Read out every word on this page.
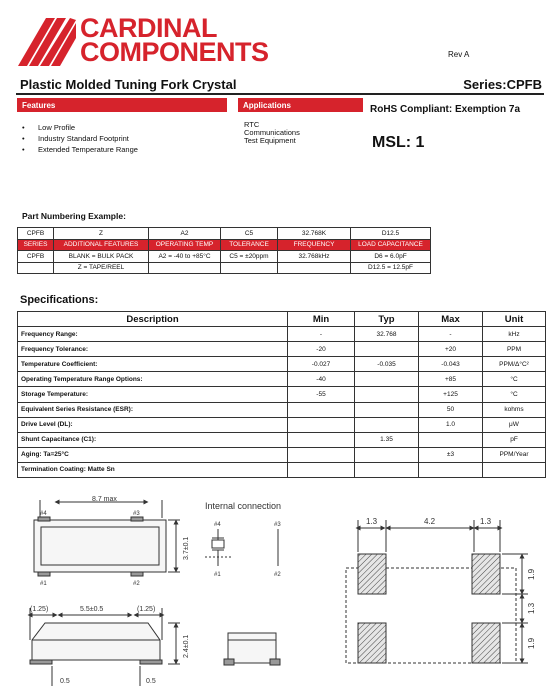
CARDINAL
COMPONENTS	Rev A
Plastic Molded Tuning Fork Crystal	Series:CPFB
Features	Applications	RoHS Compliant: Exemption 7a
MSL: 1
• Low Profile
• Industry Standard Footprint
• Extended Temperature Range
RTC
Communications
Test Equipment
Part Numbering Example:
CPFB	Z	A2	C5	32.768K	D12.5
SERIES	ADDITIONAL FEATURES	OPERATING TEMP	TOLERANCE	FREQUENCY	LOAD CAPACITANCE
CPFB	BLANK = BULK PACK	A2 = -40 to +85°C	C5 = ±20ppm	32.768kHz	D6 = 6.0pF
	Z = TAPE/REEL				D12.5 = 12.5pF
Specifications:
Description	Min	Typ	Max	Unit
Frequency Range:	-	32.768	-	kHz
Frequency Tolerance:	-20		+20	PPM
Temperature Coefficient:	-0.027	-0.035	-0.043	PPM/Δ°C²
Operating Temperature Range Options:	-40		+85	°C
Storage Temperature:	-55		+125	°C
Equivalent Series Resistance (ESR):			50	kohms
Drive Level (DL):			1.0	μW
Shunt Capacitance (C1):		1.35		pF
Aging: Ta=25°C			±3	PPM/Year
Termination Coating: Matte Sn				
8.7 max
#4	#3
#1	#2
3.7±0.1
Internal connection
#4	#3
#1	#2
(1.25)	5.5±0.5	(1.25)
2.4±0.1
0.5	0.5
1.3	4.2	1.3
1.9
1.3
1.9
